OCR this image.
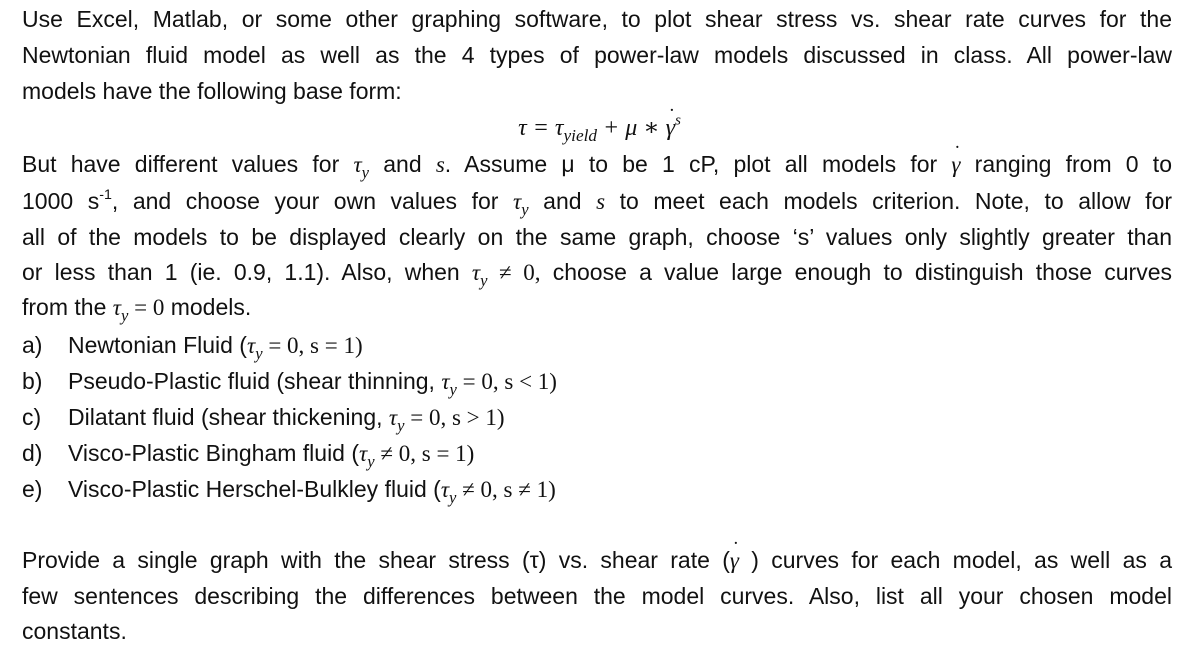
Use Excel, Matlab, or some other graphing software, to plot shear stress vs. shear rate curves for the
Newtonian fluid model as well as the 4 types of power-law models discussed in class. All power-law
models have the following base form:
$\tau = \tau_{yield} + \mu$ ∗ ˙ $\gamma^s$
But have different values for $\tau_y$ and s. Assume μ to be 1 cP, plot all models for ˙ γ ranging from 0 to
1000 $s^{-1}$, and choose your own values for $\tau_y$ and s to meet each models criterion. Note, to allow for
all of the models to be displayed clearly on the same graph, choose ‘s’ values only slightly greater than
or less than 1 (ie. 0.9, 1.1). Also, when $\tau_y \ne 0$, choose a value large enough to distinguish those curves
from the $\tau_y = 0$ models.
a) Newtonian Fluid ($\tau_y = 0$, s = 1)
b) Pseudo-Plastic fluid (shear thinning, $\tau_y = 0$, s < 1)
c) Dilatant fluid (shear thickening, $\tau_y = 0$, s > 1)
d) Visco-Plastic Bingham fluid ($\tau_y \ne 0$, s = 1)
e) Visco-Plastic Herschel-Bulkley fluid ($\tau_y \ne 0$, s ≠ 1)
Provide a single graph with the shear stress (τ) vs. shear rate (˙ γ ) curves for each model, as well as a
few sentences describing the differences between the model curves. Also, list all your chosen model
constants.
